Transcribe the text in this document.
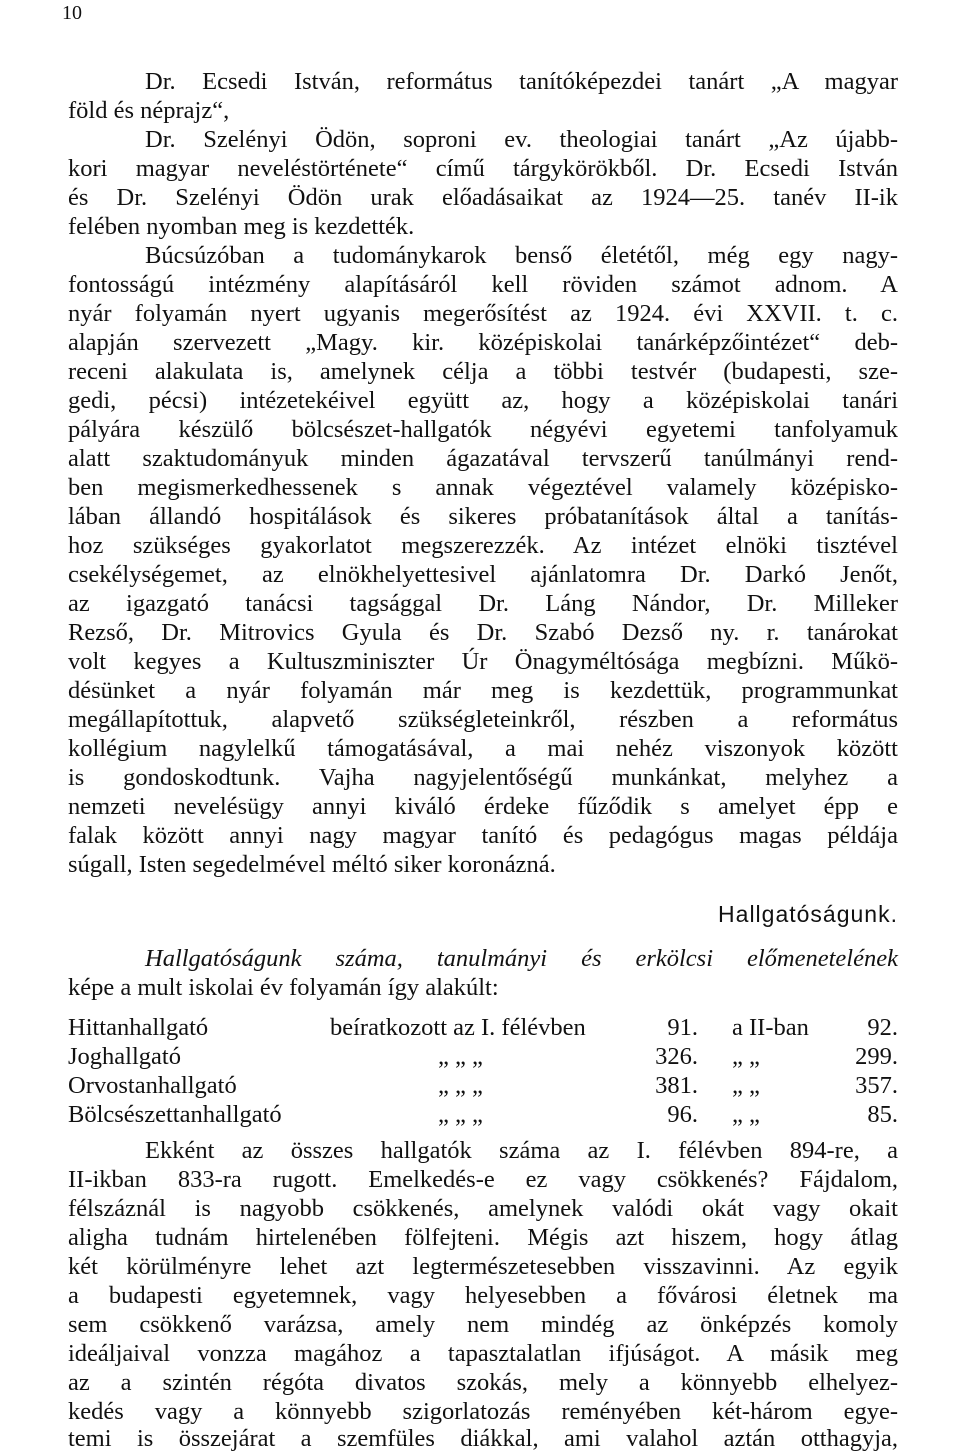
10
Dr. Ecsedi István, református tanítóképezdei tanárt „A magyar
föld és néprajz“,
Dr. Szelényi Ödön, soproni ev. theologiai tanárt „Az újabb-
kori magyar neveléstörténete“ című tárgykörökből. Dr. Ecsedi István
és Dr. Szelényi Ödön urak előadásaikat az 1924—25. tanév II-ik
felében nyomban meg is kezdették.
Búcsúzóban a tudománykarok benső életétől, még egy nagy-
fontosságú intézmény alapításáról kell röviden számot adnom. A
nyár folyamán nyert ugyanis megerősítést az 1924. évi XXVII. t. c.
alapján szervezett „Magy. kir. középiskolai tanárképzőintézet“ deb-
receni alakulata is, amelynek célja a többi testvér (budapesti, sze-
gedi, pécsi) intézetekéivel együtt az, hogy a középiskolai tanári
pályára készülő bölcsészet-hallgatók négyévi egyetemi tanfolyamuk
alatt szaktudományuk minden ágazatával tervszerű tanúlmányi rend-
ben megismerkedhessenek s annak végeztével valamely középisko-
lában állandó hospitálások és sikeres próbatanítások által a tanítás-
hoz szükséges gyakorlatot megszerezzék. Az intézet elnöki tisztével
csekélységemet, az elnökhelyettesivel ajánlatomra Dr. Darkó Jenőt,
az igazgató tanácsi tagsággal Dr. Láng Nándor, Dr. Milleker
Rezső, Dr. Mitrovics Gyula és Dr. Szabó Dezső ny. r. tanárokat
volt kegyes a Kultuszminiszter Úr Önagyméltósága megbízni. Műkö-
désünket a nyár folyamán már meg is kezdettük, programmunkat
megállapítottuk, alapvető szükségleteinkről, részben a református
kollégium nagylelkű támogatásával, a mai nehéz viszonyok között
is gondoskodtunk. Vajha nagyjelentőségű munkánkat, melyhez a
nemzeti nevelésügy annyi kiváló érdeke fűződik s amelyet épp e
falak között annyi nagy magyar tanító és pedagógus magas példája
súgall, Isten segedelmével méltó siker koronázná.
Hallgatóságunk.
Hallgatóságunk száma, tanulmányi és erkölcsi előmenetelének
képe a mult iskolai év folyamán így alakúlt:
Hittanhallgató	beíratkozott az I. félévben	91. a II-ban 92.
Joghallgató	„ „ „	326. „ „	299.
Orvostanhallgató	„ „ „	381. „ „	357.
Bölcsészettanhallgató	„ „ „	96. „ „	85.
Ekként az összes hallgatók száma az I. félévben 894-re, a
II-ikban 833-ra rugott. Emelkedés-e ez vagy csökkenés? Fájdalom,
félszáznál is nagyobb csökkenés, amelynek valódi okát vagy okait
aligha tudnám hirtelenében fölfejteni. Mégis azt hiszem, hogy átlag
két körülményre lehet azt legtermészetesebben visszavinni. Az egyik
a budapesti egyetemnek, vagy helyesebben a fővárosi életnek ma
sem csökkenő varázsa, amely nem mindég az önképzés komoly
ideáljaival vonzza magához a tapasztalatlan ifjúságot. A másik meg
az a szintén régóta divatos szokás, mely a könnyebb elhelyez-
kedés vagy a könnyebb szigorlatozás reményében két-három egye-
temi is összejárat a szemfüles diákkal, ami valahol aztán otthagyja,
